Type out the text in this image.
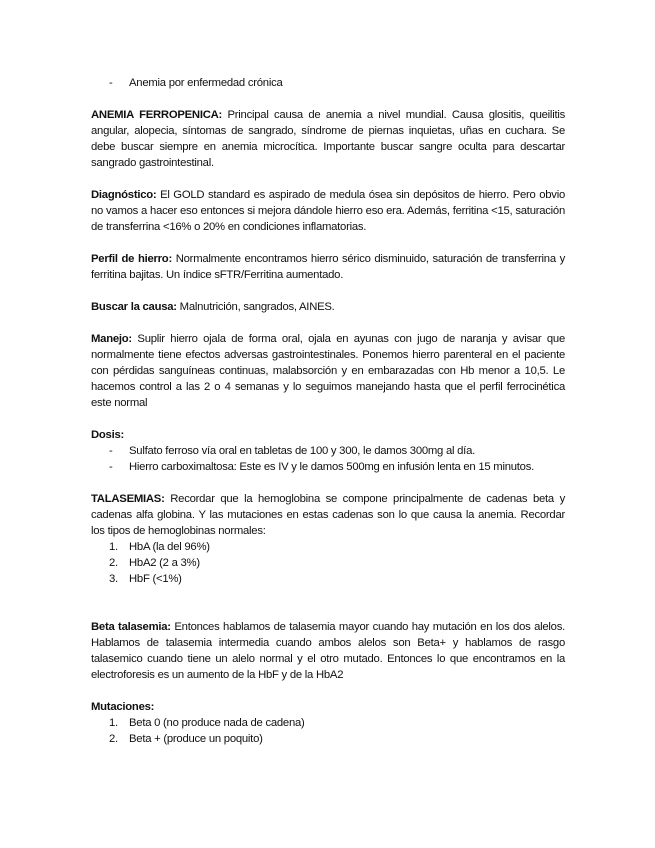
- Anemia por enfermedad crónica

ANEMIA FERROPENICA: Principal causa de anemia a nivel mundial. Causa glositis, queilitis angular, alopecia, síntomas de sangrado, síndrome de piernas inquietas, uñas en cuchara. Se debe buscar siempre en anemia microcítica. Importante buscar sangre oculta para descartar sangrado gastrointestinal.

Diagnóstico: El GOLD standard es aspirado de medula ósea sin depósitos de hierro. Pero obvio no vamos a hacer eso entonces si mejora dándole hierro eso era. Además, ferritina <15, saturación de transferrina <16% o 20% en condiciones inflamatorias.

Perfil de hierro: Normalmente encontramos hierro sérico disminuido, saturación de transferrina y ferritina bajitas. Un índice sFTR/Ferritina aumentado.

Buscar la causa: Malnutrición, sangrados, AINES.

Manejo: Suplir hierro ojala de forma oral, ojala en ayunas con jugo de naranja y avisar que normalmente tiene efectos adversas gastrointestinales. Ponemos hierro parenteral en el paciente con pérdidas sanguíneas continuas, malabsorción y en embarazadas con Hb menor a 10,5. Le hacemos control a las 2 o 4 semanas y lo seguimos manejando hasta que el perfil ferrocinética este normal

Dosis:

- Sulfato ferroso vía oral en tabletas de 100 y 300, le damos 300mg al día.
- Hierro carboximaltosa: Este es IV y le damos 500mg en infusión lenta en 15 minutos.

TALASEMIAS: Recordar que la hemoglobina se compone principalmente de cadenas beta y cadenas alfa globina. Y las mutaciones en estas cadenas son lo que causa la anemia. Recordar los tipos de hemoglobinas normales:

1. HbA (la del 96%)
2. HbA2 (2 a 3%)
3. HbF (<1%)

Beta talasemia: Entonces hablamos de talasemia mayor cuando hay mutación en los dos alelos. Hablamos de talasemia intermedia cuando ambos alelos son Beta+ y hablamos de rasgo talasemico cuando tiene un alelo normal y el otro mutado. Entonces lo que encontramos en la electroforesis es un aumento de la HbF y de la HbA2

Mutaciones:

1. Beta 0 (no produce nada de cadena)
2. Beta + (produce un poquito)
